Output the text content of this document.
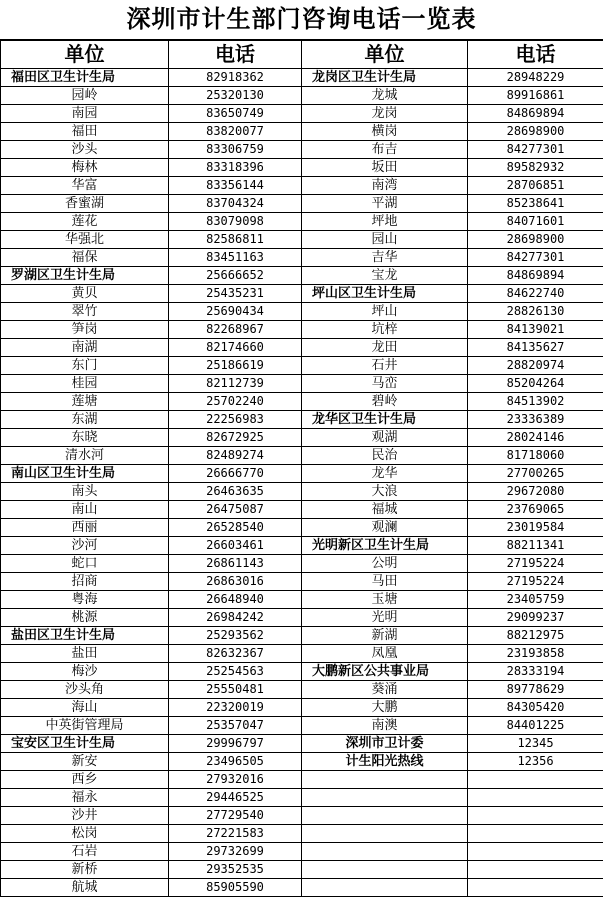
深圳市计生部门咨询电话一览表
单位	电话	单位	电话
福田区卫生计生局	82918362	龙岗区卫生计生局	28948229
园岭	25320130	龙城	89916861
南园	83650749	龙岗	84869894
福田	83820077	横岗	28698900
沙头	83306759	布吉	84277301
梅林	83318396	坂田	89582932
华富	83356144	南湾	28706851
香蜜湖	83704324	平湖	85238641
莲花	83079098	坪地	84071601
华强北	82586811	园山	28698900
福保	83451163	吉华	84277301
罗湖区卫生计生局	25666652	宝龙	84869894
黄贝	25435231	坪山区卫生计生局	84622740
翠竹	25690434	坪山	28826130
笋岗	82268967	坑梓	84139021
南湖	82174660	龙田	84135627
东门	25186619	石井	28820974
桂园	82112739	马峦	85204264
莲塘	25702240	碧岭	84513902
东湖	22256983	龙华区卫生计生局	23336389
东晓	82672925	观湖	28024146
清水河	82489274	民治	81718060
南山区卫生计生局	26666770	龙华	27700265
南头	26463635	大浪	29672080
南山	26475087	福城	23769065
西丽	26528540	观澜	23019584
沙河	26603461	光明新区卫生计生局	88211341
蛇口	26861143	公明	27195224
招商	26863016	马田	27195224
粤海	26648940	玉塘	23405759
桃源	26984242	光明	29099237
盐田区卫生计生局	25293562	新湖	88212975
盐田	82632367	凤凰	23193858
梅沙	25254563	大鹏新区公共事业局	28333194
沙头角	25550481	葵涌	89778629
海山	22320019	大鹏	84305420
中英街管理局	25357047	南澳	84401225
宝安区卫生计生局	29996797	深圳市卫计委	12345
新安	23496505	计生阳光热线	12356
西乡	27932016		
福永	29446525		
沙井	27729540		
松岗	27221583		
石岩	29732699		
新桥	29352535		
航城	85905590		
